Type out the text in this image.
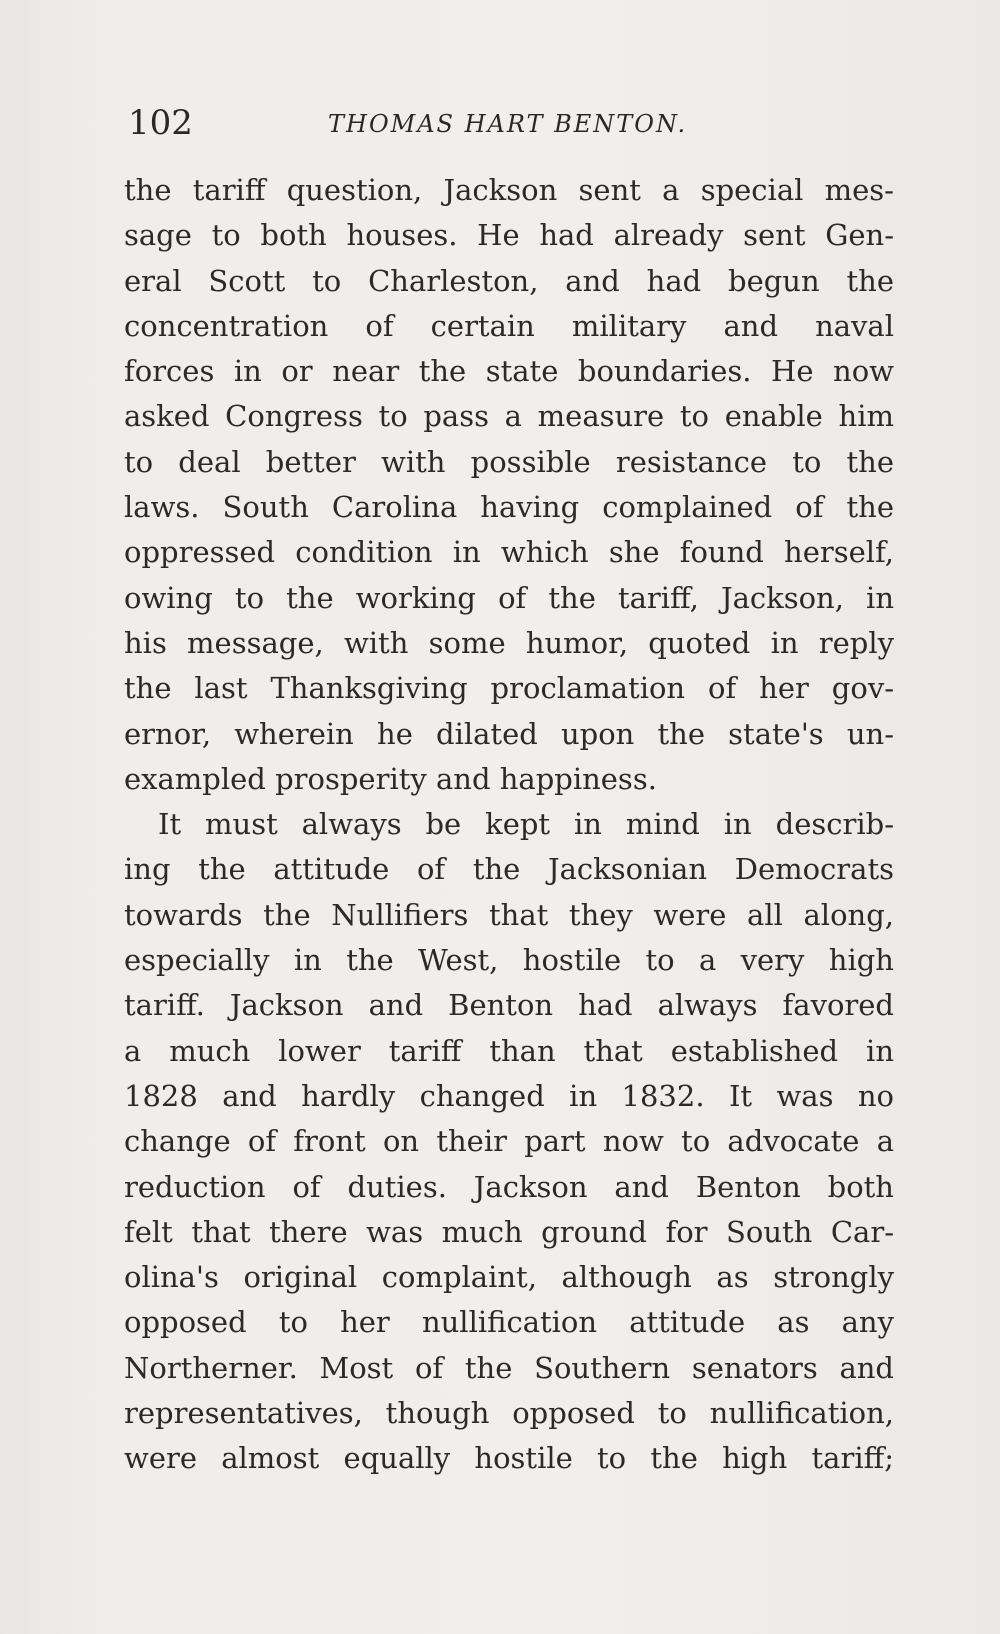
102	THOMAS HART BENTON.
the tariff question, Jackson sent a special mes-
sage to both houses. He had already sent Gen-
eral Scott to Charleston, and had begun the
concentration of certain military and naval
forces in or near the state boundaries. He now
asked Congress to pass a measure to enable him
to deal better with possible resistance to the
laws. South Carolina having complained of the
oppressed condition in which she found herself,
owing to the working of the tariff, Jackson, in
his message, with some humor, quoted in reply
the last Thanksgiving proclamation of her gov-
ernor, wherein he dilated upon the state's un-
exampled prosperity and happiness.
It must always be kept in mind in describ-
ing the attitude of the Jacksonian Democrats
towards the Nullifiers that they were all along,
especially in the West, hostile to a very high
tariff. Jackson and Benton had always favored
a much lower tariff than that established in
1828 and hardly changed in 1832. It was no
change of front on their part now to advocate a
reduction of duties. Jackson and Benton both
felt that there was much ground for South Car-
olina's original complaint, although as strongly
opposed to her nullification attitude as any
Northerner. Most of the Southern senators and
representatives, though opposed to nullification,
were almost equally hostile to the high tariff;
